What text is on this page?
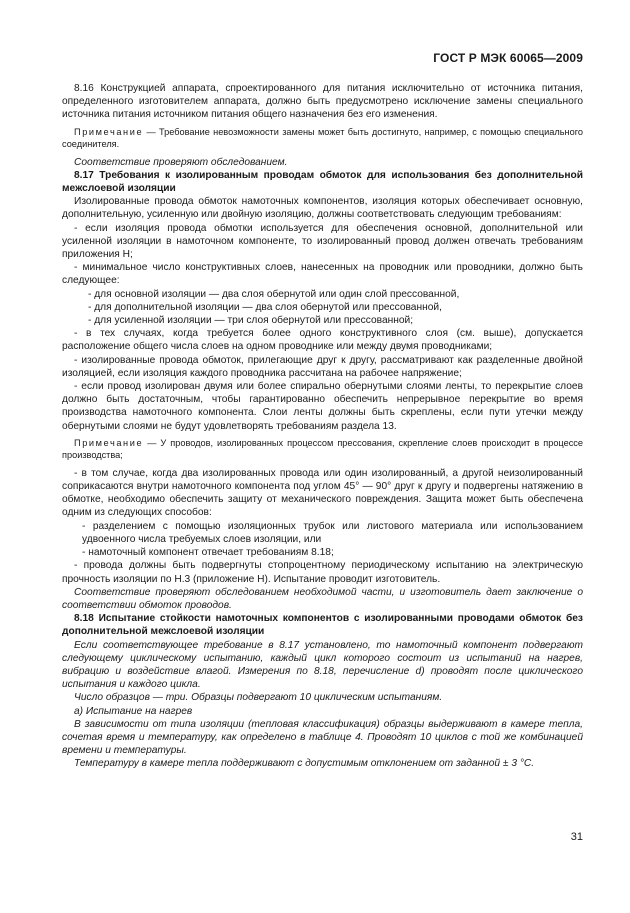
ГОСТ Р МЭК 60065—2009

8.16 Конструкцией аппарата, спроектированного для питания исключительно от источника питания, определенного изготовителем аппарата, должно быть предусмотрено исключение замены специального источника питания источником питания общего назначения без его изменения.

Примечание — Требование невозможности замены может быть достигнуто, например, с помощью специального соединителя.

Соответствие проверяют обследованием.

8.17 Требования к изолированным проводам обмоток для использования без дополнительной межслоевой изоляции

Изолированные провода обмоток намоточных компонентов, изоляция которых обеспечивает основную, дополнительную, усиленную или двойную изоляцию, должны соответствовать следующим требованиям:

- если изоляция провода обмотки используется для обеспечения основной, дополнительной или усиленной изоляции в намоточном компоненте, то изолированный провод должен отвечать требованиям приложения Н;

- минимальное число конструктивных слоев, нанесенных на проводник или проводники, должно быть следующее:

- для основной изоляции — два слоя обернутой или один слой прессованной,

- для дополнительной изоляции — два слоя обернутой или прессованной,

- для усиленной изоляции — три слоя обернутой или прессованной;

- в тех случаях, когда требуется более одного конструктивного слоя (см. выше), допускается расположение общего числа слоев на одном проводнике или между двумя проводниками;

- изолированные провода обмоток, прилегающие друг к другу, рассматривают как разделенные двойной изоляцией, если изоляция каждого проводника рассчитана на рабочее напряжение;

- если провод изолирован двумя или более спирально обернутыми слоями ленты, то перекрытие слоев должно быть достаточным, чтобы гарантированно обеспечить непрерывное перекрытие во время производства намоточного компонента. Слои ленты должны быть скреплены, если пути утечки между обернутыми слоями не будут удовлетворять требованиям раздела 13.

Примечание — У проводов, изолированных процессом прессования, скрепление слоев происходит в процессе производства;

- в том случае, когда два изолированных провода или один изолированный, а другой неизолированный соприкасаются внутри намоточного компонента под углом 45° — 90° друг к другу и подвергены натяжению в обмотке, необходимо обеспечить защиту от механического повреждения. Защита может быть обеспечена одним из следующих способов:

- разделением с помощью изоляционных трубок или листового материала или использованием удвоенного числа требуемых слоев изоляции, или

- намоточный компонент отвечает требованиям 8.18;

- провода должны быть подвергнуты стопроцентному периодическому испытанию на электрическую прочность изоляции по Н.3 (приложение Н). Испытание проводит изготовитель.

Соответствие проверяют обследованием необходимой части, и изготовитель дает заключение о соответствии обмоток проводов.

8.18 Испытание стойкости намоточных компонентов с изолированными проводами обмоток без дополнительной межслоевой изоляции

Если соответствующее требование в 8.17 установлено, то намоточный компонент подвергают следующему циклическому испытанию, каждый цикл которого состоит из испытаний на нагрев, вибрацию и воздействие влагой. Измерения по 8.18, перечисление d) проводят после циклического испытания и каждого цикла.

Число образцов — три. Образцы подвергают 10 циклическим испытаниям.

a) Испытание на нагрев

В зависимости от типа изоляции (тепловая классификация) образцы выдерживают в камере тепла, сочетая время и температуру, как определено в таблице 4. Проводят 10 циклов с той же комбинацией времени и температуры.

Температуру в камере тепла поддерживают с допустимым отклонением от заданной ± 3 °С.

31
